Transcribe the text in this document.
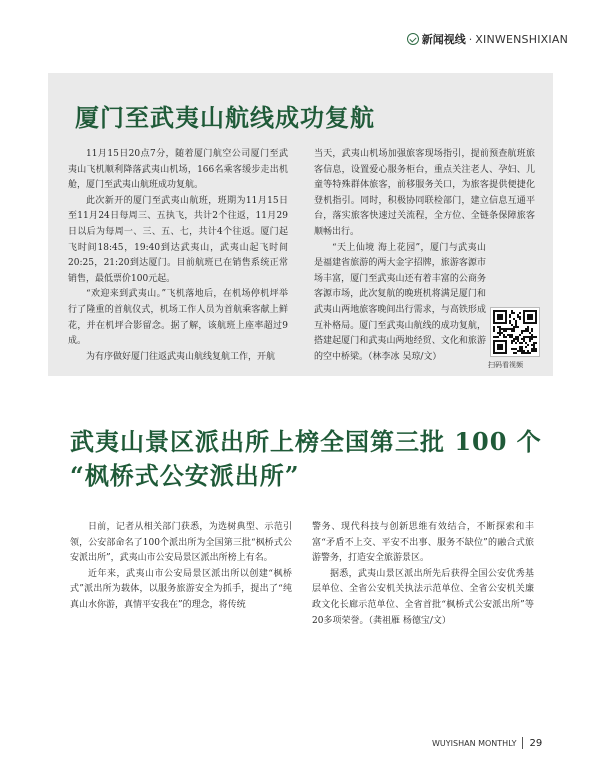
新闻视线 · XINWENSHIXIAN
厦门至武夷山航线成功复航

11月15日20点7分，随着厦门航空公司厦门至武夷山飞机顺利降落武夷山机场，166名乘客缓步走出机舱，厦门至武夷山航班成功复航。

此次新开的厦门至武夷山航班，班期为11月15日至11月24日每周三、五执飞，共计2个往返，11月29日以后为每周一、三、五、七，共计4个往返。厦门起飞时间18:45，19:40到达武夷山，武夷山起飞时间20:25，21:20到达厦门。目前航班已在销售系统正常销售，最低票价100元起。

“欢迎来到武夷山。”飞机落地后，在机场停机坪举行了隆重的首航仪式，机场工作人员为首航乘客献上鲜花，并在机坪合影留念。据了解，该航班上座率超过9成。

为有序做好厦门往返武夷山航线复航工作，开航

当天，武夷山机场加强旅客现场指引，提前预查航班旅客信息，设置爱心服务柜台，重点关注老人、孕妇、儿童等特殊群体旅客，前移服务关口，为旅客提供便捷化登机指引。同时，积极协同联检部门，建立信息互通平台，落实旅客快速过关流程，全方位、全链条保障旅客顺畅出行。

“天上仙境 海上花园”，厦门与武夷山是福建省旅游的两大金字招牌，旅游客源市场丰富，厦门至武夷山还有着丰富的公商务客源市场，此次复航的晚班机将满足厦门和武夷山两地旅客晚间出行需求，与高铁形成互补格局。厦门至武夷山航线的成功复航，搭建起厦门和武夷山两地经贸、文化和旅游的空中桥梁。（林李冰 吴琼/文）

扫码看视频
武夷山景区派出所上榜全国第三批 100 个
“枫桥式公安派出所”

日前，记者从相关部门获悉，为选树典型、示范引领，公安部命名了100个派出所为全国第三批“枫桥式公安派出所”，武夷山市公安局景区派出所榜上有名。

近年来，武夷山市公安局景区派出所以创建“枫桥式”派出所为载体，以服务旅游安全为抓手，提出了“纯真山水你游，真情平安我在”的理念，将传统

警务、现代科技与创新思维有效结合，不断探索和丰富“矛盾不上交、平安不出事、服务不缺位”的融合式旅游警务，打造安全旅游景区。

据悉，武夷山景区派出所先后获得全国公安优秀基层单位、全省公安机关执法示范单位、全省公安机关廉政文化长廊示范单位、全省首批“枫桥式公安派出所”等20多项荣誉。（龚祖雁 杨德宝/文）

WUYISHAN MONTHLY 29
